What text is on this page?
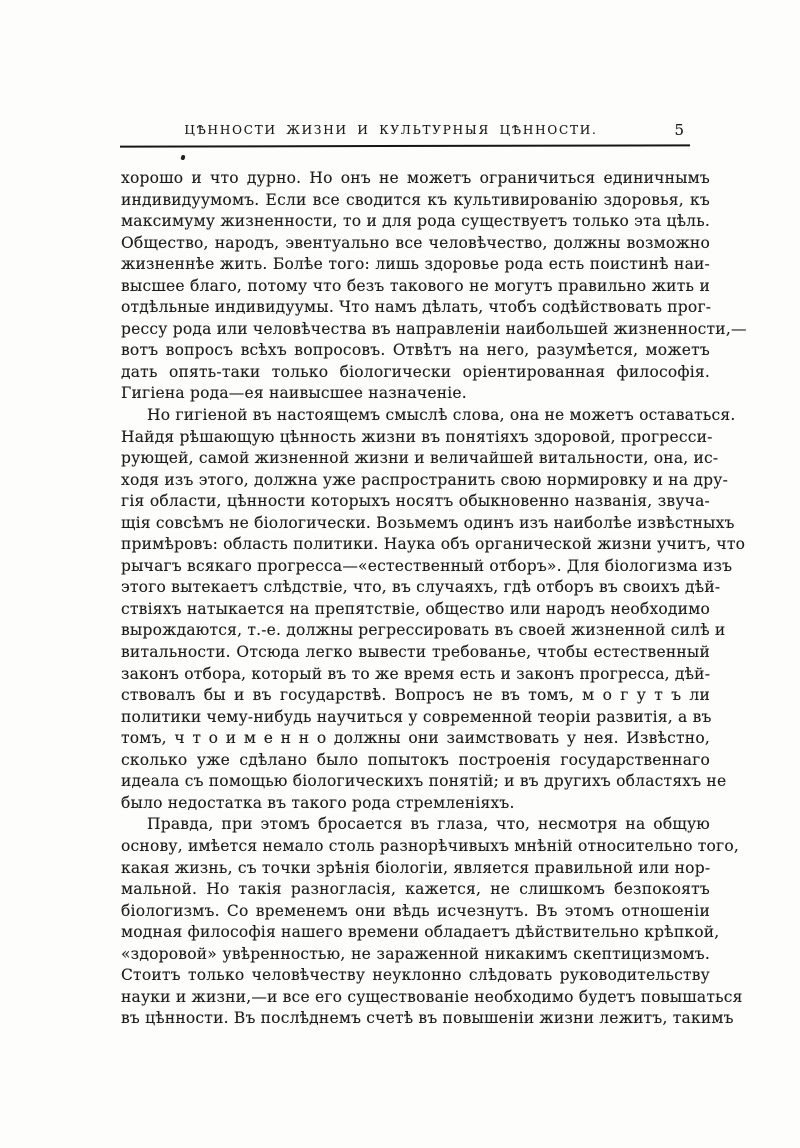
ЦѢННОСТИ ЖИЗНИ И КУЛЬТУРНЫЯ ЦѢННОСТИ.	5
хорошо и что дурно. Но онъ не можетъ ограничиться единичнымъ
индивидуумомъ. Если все сводится къ культивированію здоровья, къ
максимуму жизненности, то и для рода существуетъ только эта цѣль.
Общество, народъ, эвентуально все человѣчество, должны возможно
жизненнѣе жить. Болѣе того: лишь здоровье рода есть поистинѣ наи-
высшее благо, потому что безъ такового не могутъ правильно жить и
отдѣльные индивидуумы. Что намъ дѣлать, чтобъ содѣйствовать прог-
рессу рода или человѣчества въ направленіи наибольшей жизненности,—
вотъ вопросъ всѣхъ вопросовъ. Отвѣтъ на него, разумѣется, можетъ
дать опять-таки только біологически оріентированная философія.
Гигіена рода—ея наивысшее назначеніе.
Но гигіеной въ настоящемъ смыслѣ слова, она не можетъ оставаться.
Найдя рѣшающую цѣнность жизни въ понятіяхъ здоровой, прогресси-
рующей, самой жизненной жизни и величайшей витальности, она, ис-
ходя изъ этого, должна уже распространить свою нормировку и на дру-
гія области, цѣнности которыхъ носятъ обыкновенно названія, звуча-
щія совсѣмъ не біологически. Возьмемъ одинъ изъ наиболѣе извѣстныхъ
примѣровъ: область политики. Наука объ органической жизни учитъ, что
рычагъ всякаго прогресса—«естественный отборъ». Для біологизма изъ
этого вытекаетъ слѣдствіе, что, въ случаяхъ, гдѣ отборъ въ своихъ дѣй-
ствіяхъ натыкается на препятствіе, общество или народъ необходимо
вырождаются, т.-е. должны регрессировать въ своей жизненной силѣ и
витальности. Отсюда легко вывести требованье, чтобы естественный
законъ отбора, который въ то же время есть и законъ прогресса, дѣй-
ствовалъ бы и въ государствѣ. Вопросъ не въ томъ, м о г у т ъ ли
политики чему-нибудь научиться у современной теоріи развитія, а въ
томъ, ч т о и м е н н о должны они заимствовать у нея. Извѣстно,
сколько уже сдѣлано было попытокъ построенія государственнаго
идеала съ помощью біологическихъ понятій; и въ другихъ областяхъ не
было недостатка въ такого рода стремленіяхъ.
Правда, при этомъ бросается въ глаза, что, несмотря на общую
основу, имѣется немало столь разнорѣчивыхъ мнѣній относительно того,
какая жизнь, съ точки зрѣнія біологіи, является правильной или нор-
мальной. Но такія разногласія, кажется, не слишкомъ безпокоятъ
біологизмъ. Со временемъ они вѣдь исчезнутъ. Въ этомъ отношеніи
модная философія нашего времени обладаетъ дѣйствительно крѣпкой,
«здоровой» увѣренностью, не зараженной никакимъ скептицизмомъ.
Стоитъ только человѣчеству неуклонно слѣдовать руководительству
науки и жизни,—и все его существованіе необходимо будетъ повышаться
въ цѣнности. Въ послѣднемъ счетѣ въ повышеніи жизни лежитъ, такимъ
